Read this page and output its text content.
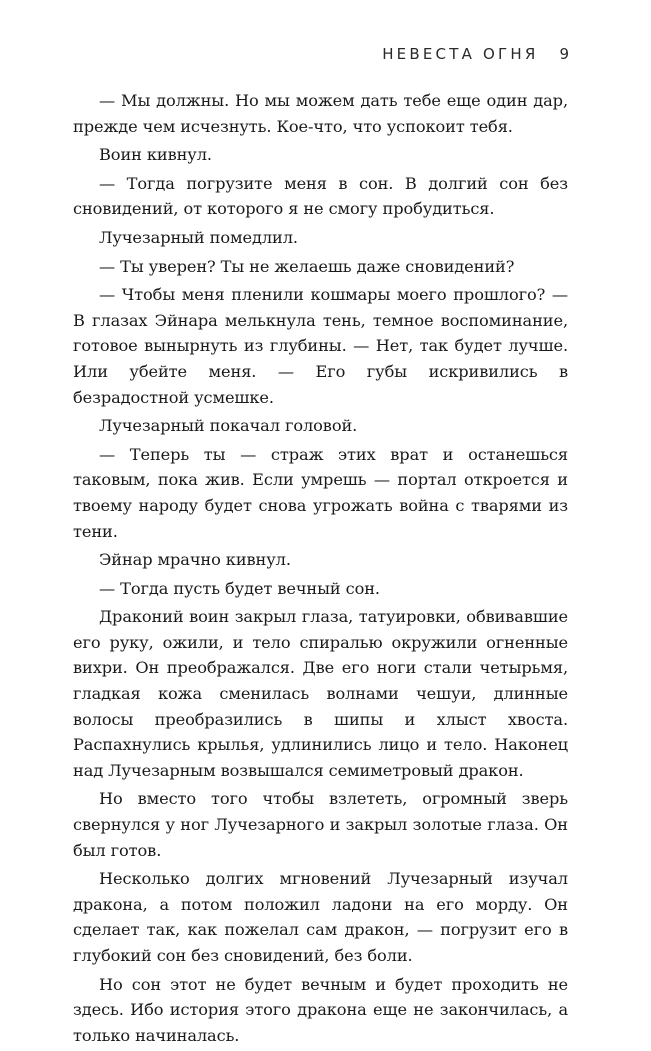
НЕВЕСТА ОГНЯ 9

— Мы должны. Но мы можем дать тебе еще один дар, прежде чем исчезнуть. Кое-что, что успокоит тебя.

Воин кивнул.

— Тогда погрузите меня в сон. В долгий сон без сновидений, от которого я не смогу пробудиться.

Лучезарный помедлил.

— Ты уверен? Ты не желаешь даже сновидений?

— Чтобы меня пленили кошмары моего прошлого? — В глазах Эйнара мелькнула тень, темное воспоминание, готовое вынырнуть из глубины. — Нет, так будет лучше. Или убейте меня. — Его губы искривились в безрадостной усмешке.

Лучезарный покачал головой.

— Теперь ты — страж этих врат и останешься таковым, пока жив. Если умрешь — портал откроется и твоему народу будет снова угрожать война с тварями из тени.

Эйнар мрачно кивнул.

— Тогда пусть будет вечный сон.

Драконий воин закрыл глаза, татуировки, обвивавшие его руку, ожили, и тело спиралью окружили огненные вихри. Он преображался. Две его ноги стали четырьмя, гладкая кожа сменилась волнами чешуи, длинные волосы преобразились в шипы и хлыст хвоста. Распахнулись крылья, удлинились лицо и тело. Наконец над Лучезарным возвышался семиметровый дракон.

Но вместо того чтобы взлететь, огромный зверь свернулся у ног Лучезарного и закрыл золотые глаза. Он был готов.

Несколько долгих мгновений Лучезарный изучал дракона, а потом положил ладони на его морду. Он сделает так, как пожелал сам дракон, — погрузит его в глубокий сон без сновидений, без боли.

Но сон этот не будет вечным и будет проходить не здесь. Ибо история этого дракона еще не закончилась, а только начиналась.
